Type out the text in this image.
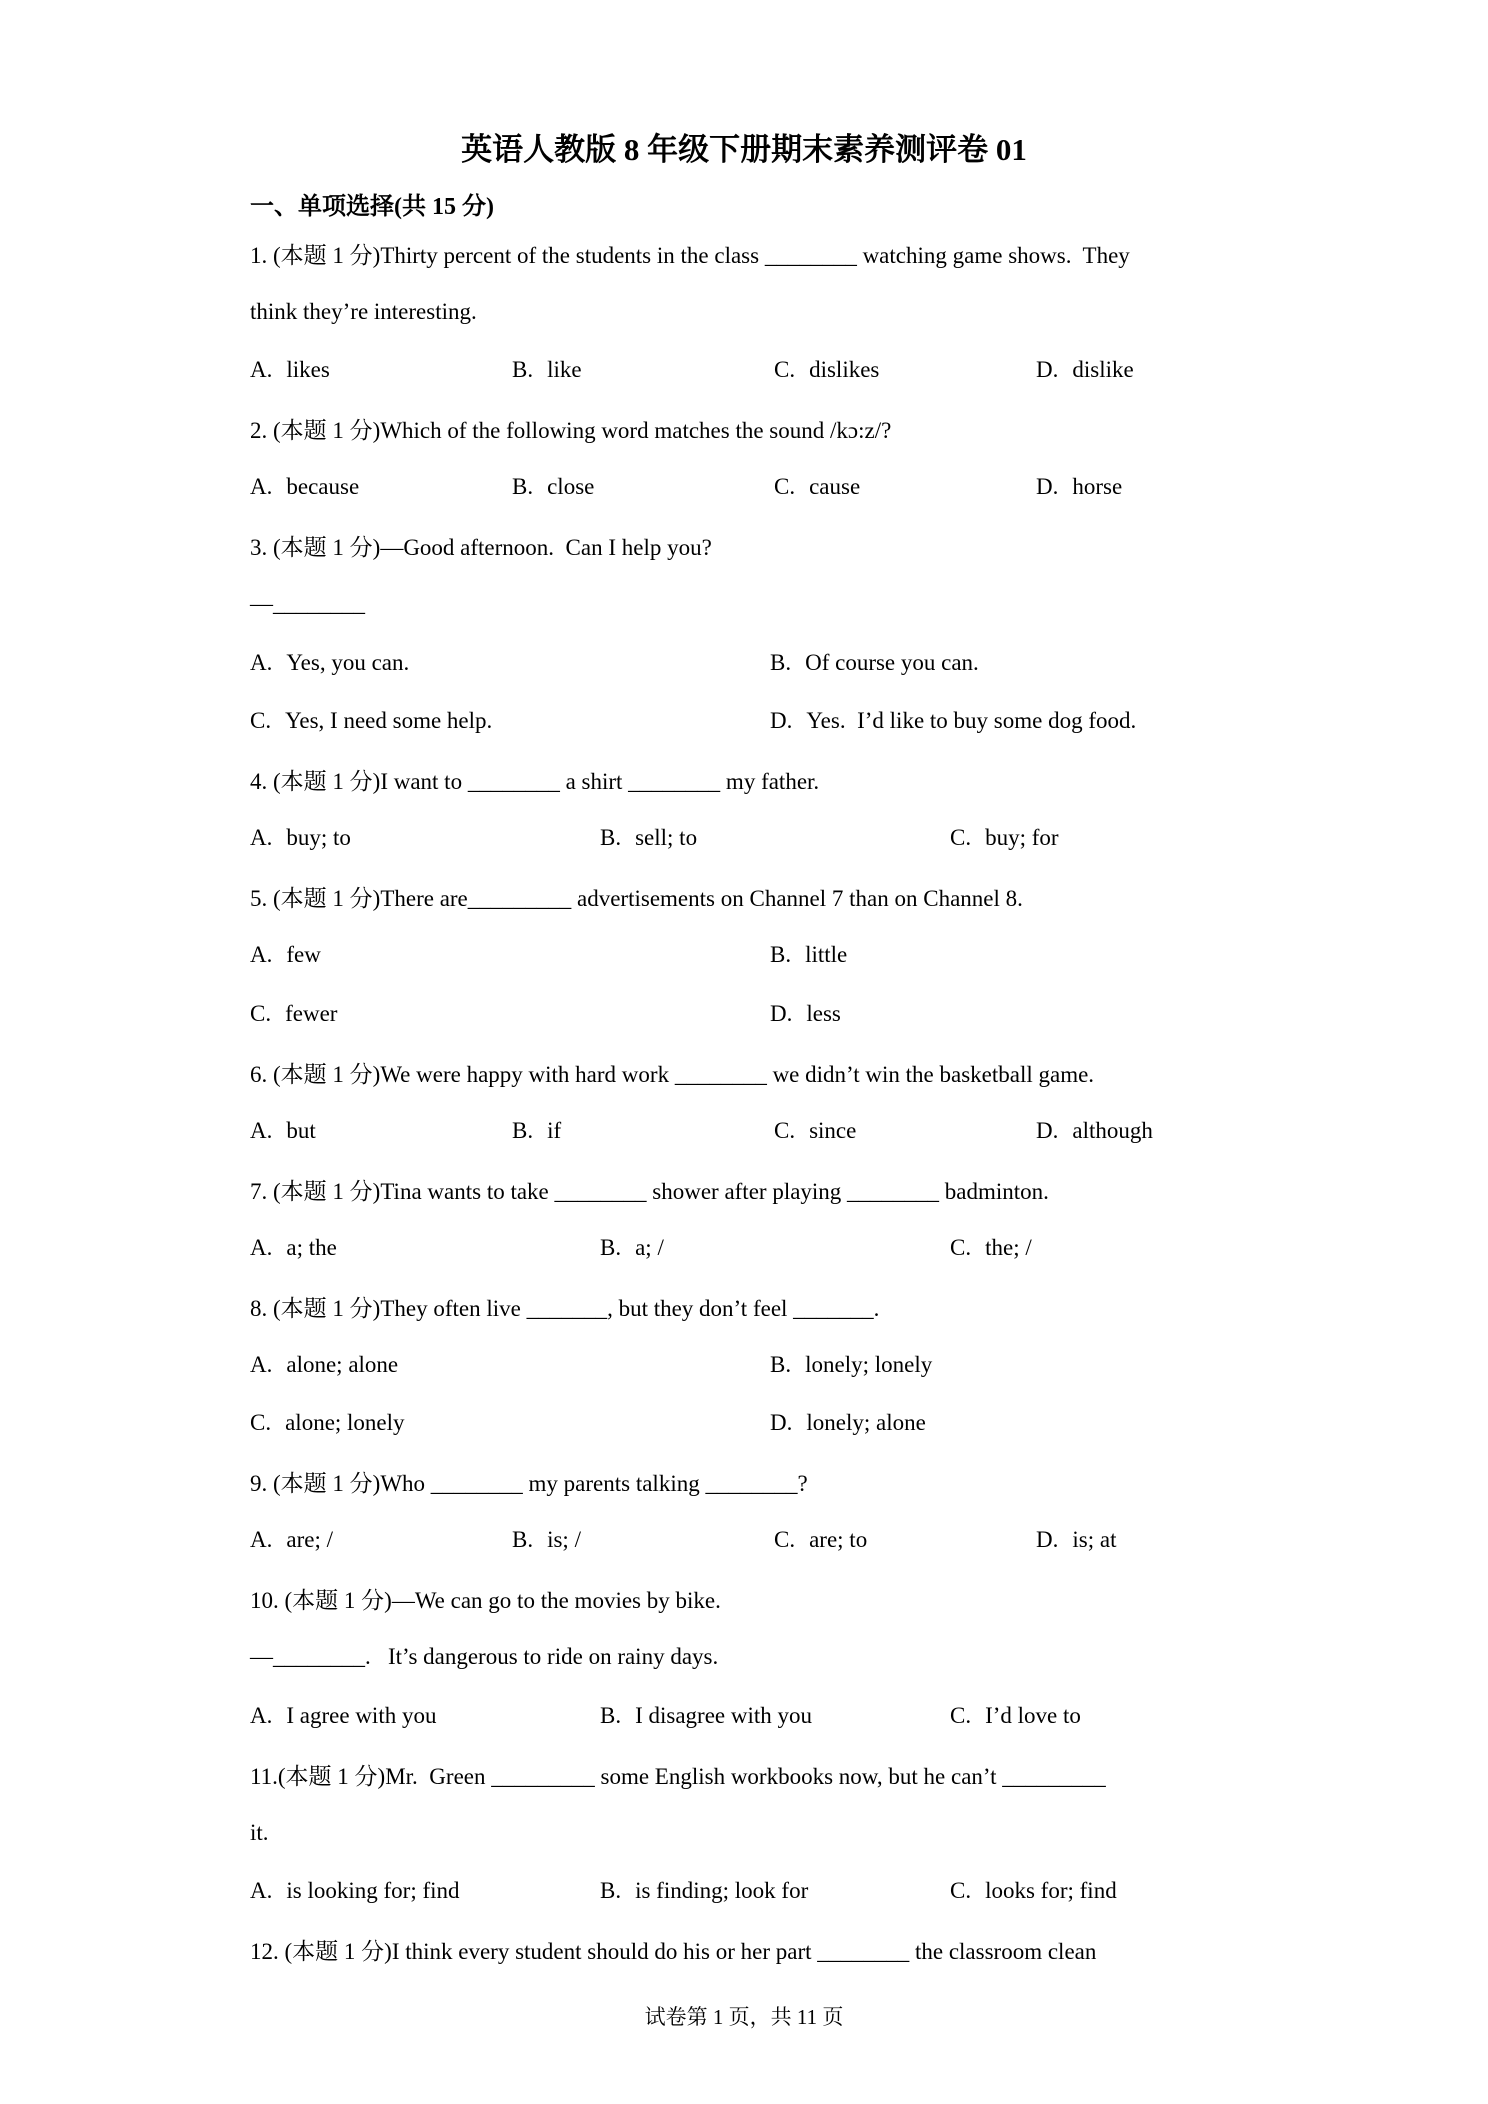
英语人教版 8 年级下册期末素养测评卷 01
一、单项选择(共 15 分)
1. (本题 1 分)Thirty percent of the students in the class ________ watching game shows.  They
think they’re interesting.
A. likes	B. like	C. dislikes	D. dislike
2. (本题 1 分)Which of the following word matches the sound /kɔ:z/?
A. because	B. close	C. cause	D. horse
3. (本题 1 分)—Good afternoon.  Can I help you?
—________
A. Yes, you can.	B. Of course you can.
C. Yes, I need some help.	D. Yes.  I’d like to buy some dog food.
4. (本题 1 分)I want to ________ a shirt ________ my father.
A. buy; to	B. sell; to	C. buy; for
5. (本题 1 分)There are_________ advertisements on Channel 7 than on Channel 8.
A. few	B. little
C. fewer	D. less
6. (本题 1 分)We were happy with hard work ________ we didn’t win the basketball game.
A. but	B. if	C. since	D. although
7. (本题 1 分)Tina wants to take ________ shower after playing ________ badminton.
A. a; the	B. a; /	C. the; /
8. (本题 1 分)They often live _______, but they don’t feel _______.
A. alone; alone	B. lonely; lonely
C. alone; lonely	D. lonely; alone
9. (本题 1 分)Who ________ my parents talking ________?
A. are; /	B. is; /	C. are; to	D. is; at
10. (本题 1 分)—We can go to the movies by bike.
—________.   It’s dangerous to ride on rainy days.
A. I agree with you	B. I disagree with you	C. I’d love to
11.(本题 1 分)Mr.  Green _________ some English workbooks now, but he can’t _________
it.
A. is looking for; find	B. is finding; look for	C. looks for; find
12. (本题 1 分)I think every student should do his or her part ________ the classroom clean
试卷第 1 页，共 11 页
